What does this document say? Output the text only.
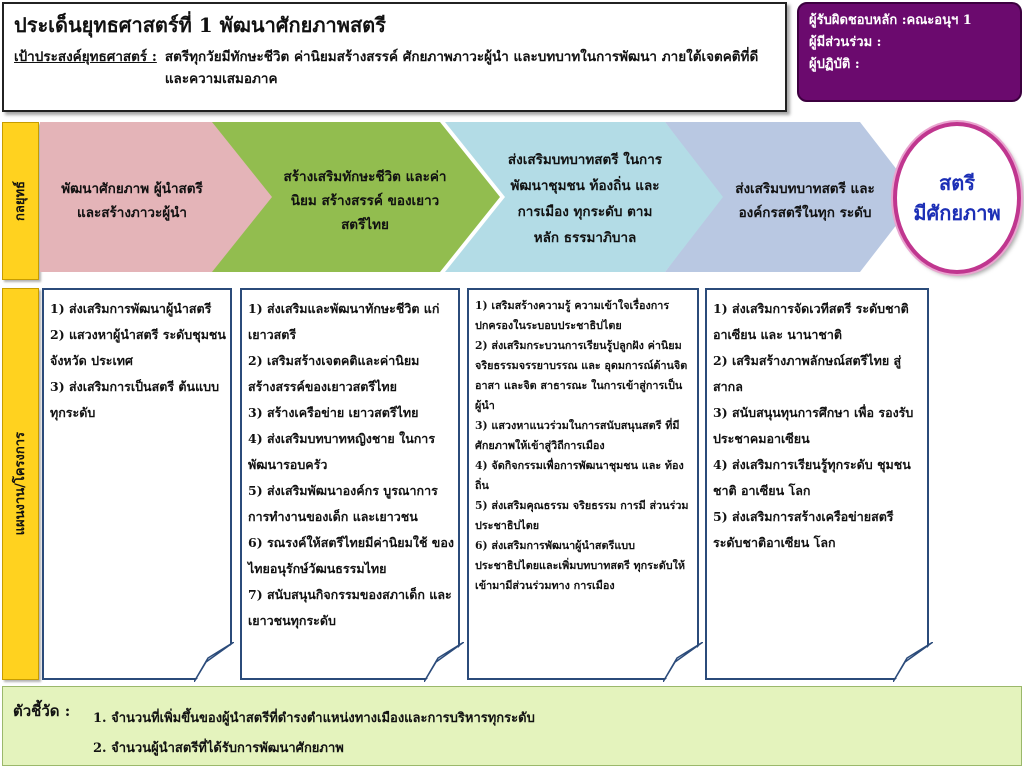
ประเด็นยุทธศาสตร์ที่ 1 พัฒนาศักยภาพสตรี
เป้าประสงค์ยุทธศาสตร์ : สตรีทุกวัยมีทักษะชีวิต ค่านิยมสร้างสรรค์ ศักยภาพภาวะผู้นำ และบทบาทในการพัฒนา ภายใต้เจตคติที่ดี และความเสมอภาค
ผู้รับผิดชอบหลัก :คณะอนุฯ 1
ผู้มีส่วนร่วม :
ผู้ปฏิบัติ :
กลยุทธ์
แผนงาน/โครงการ
พัฒนาศักยภาพ ผู้นำสตรี และสร้างภาวะผู้นำ
สร้างเสริมทักษะชีวิต และค่านิยม สร้างสรรค์ ของเยาวสตรีไทย
ส่งเสริมบทบาทสตรี ในการพัฒนาชุมชน ท้องถิ่น และการเมือง ทุกระดับ ตามหลัก ธรรมาภิบาล
ส่งเสริมบทบาทสตรี และองค์กรสตรีในทุก ระดับ
สตรี
มีศักยภาพ
1) ส่งเสริมการพัฒนาผู้นำสตรี
2) แสวงหาผู้นำสตรี ระดับชุมชน จังหวัด ประเทศ
3) ส่งเสริมการเป็นสตรี ต้นแบบทุกระดับ
1) ส่งเสริมและพัฒนาทักษะชีวิต แก่เยาวสตรี
2) เสริมสร้างเจตคติและค่านิยม สร้างสรรค์ของเยาวสตรีไทย
3) สร้างเครือข่าย เยาวสตรีไทย
4) ส่งเสริมบทบาทหญิงชาย ในการพัฒนารอบครัว
5) ส่งเสริมพัฒนาองค์กร บูรณาการการทำงานของเด็ก และเยาวชน
6) รณรงค์ให้สตรีไทยมีค่านิยมใช้ ของไทยอนุรักษ์วัฒนธรรมไทย
7) สนับสนุนกิจกรรมของสภาเด็ก และเยาวชนทุกระดับ
1) เสริมสร้างความรู้ ความเข้าใจเรื่องการ ปกครองในระบอบประชาธิปไตย
2) ส่งเสริมกระบวนการเรียนรู้ปลูกฝัง ค่านิยม จริยธรรมจรรยาบรรณ และ อุดมการณ์ด้านจิตอาสา และจิต สาธารณะ ในการเข้าสู่การเป็นผู้นำ
3) แสวงหาแนวร่วมในการสนับสนุนสตรี ที่มีศักยภาพให้เข้าสู่วิถีการเมือง
4) จัดกิจกรรมเพื่อการพัฒนาชุมชน และ ท้องถิ่น
5) ส่งเสริมคุณธรรม จริยธรรม การมี ส่วนร่วม ประชาธิปไตย
6) ส่งเสริมการพัฒนาผู้นำสตรีแบบ ประชาธิปไตยและเพิ่มบทบาทสตรี ทุกระดับให้เข้ามามีส่วนร่วมทาง การเมือง
1) ส่งเสริมการจัดเวทีสตรี ระดับชาติ อาเซียน และ นานาชาติ
2) เสริมสร้างภาพลักษณ์สตรีไทย สู่สากล
3) สนับสนุนทุนการศึกษา เพื่อ รองรับประชาคมอาเซียน
4) ส่งเสริมการเรียนรู้ทุกระดับ ชุมชน ชาติ อาเซียน โลก
5) ส่งเสริมการสร้างเครือข่ายสตรี ระดับชาติอาเซียน โลก
ตัวชี้วัด : 1. จำนวนที่เพิ่มขึ้นของผู้นำสตรีที่ดำรงตำแหน่งทางเมืองและการบริหารทุกระดับ
2. จำนวนผู้นำสตรีที่ได้รับการพัฒนาศักยภาพ
